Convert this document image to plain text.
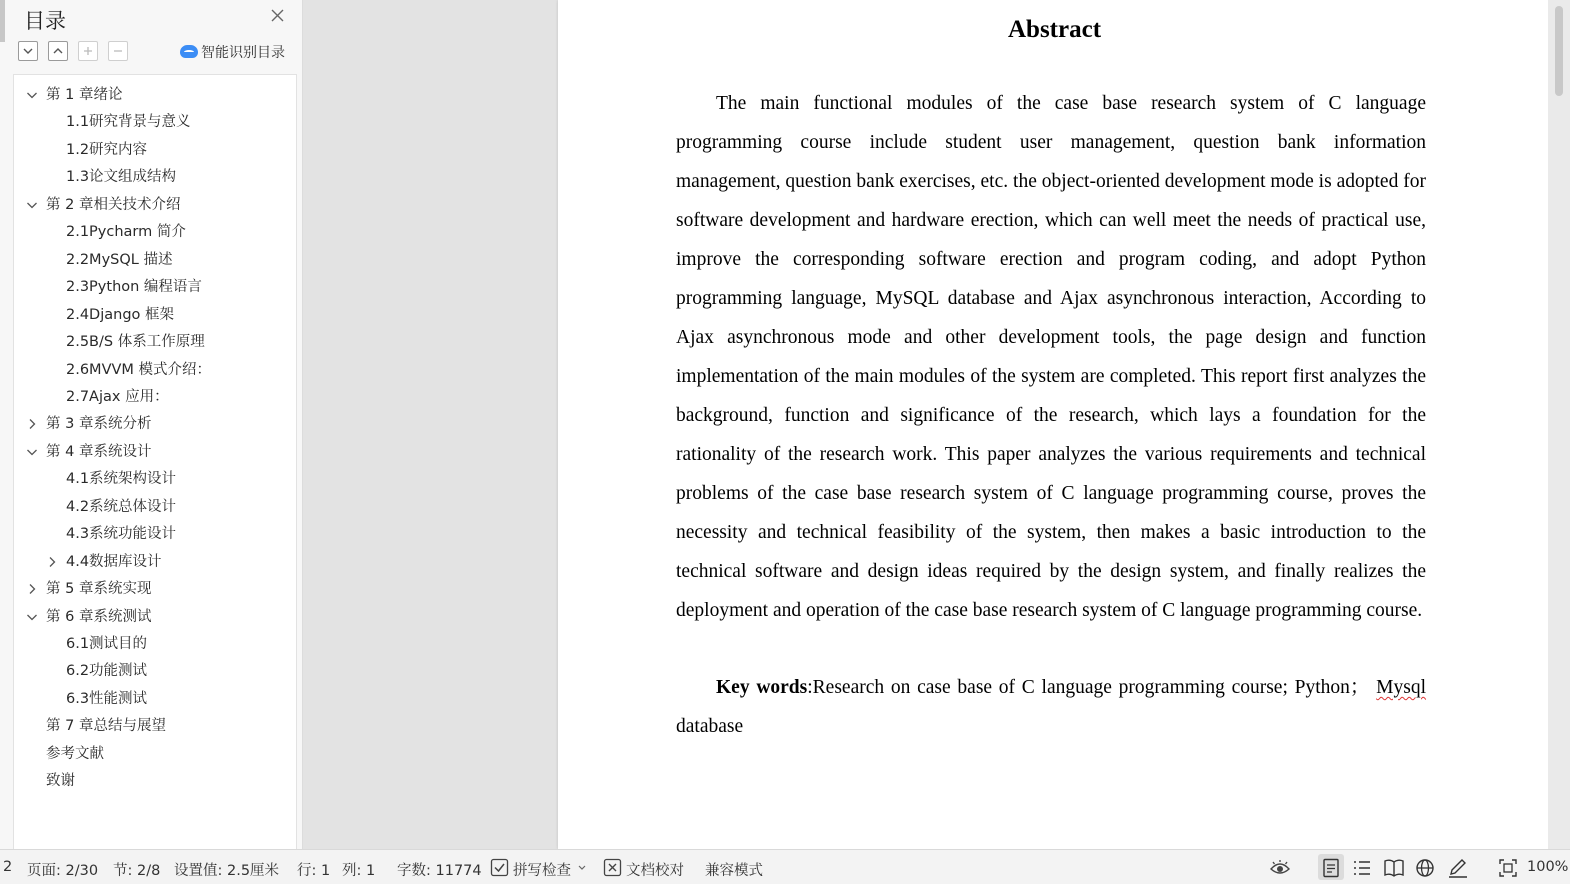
目录
智能识别目录
第 1 章绪论
1.1研究背景与意义
1.2研究内容
1.3论文组成结构
第 2 章相关技术介绍
2.1Pycharm 简介
2.2MySQL 描述
2.3Python 编程语言
2.4Django 框架
2.5B/S 体系工作原理
2.6MVVM 模式介绍：
2.7Ajax 应用：
第 3 章系统分析
第 4 章系统设计
4.1系统架构设计
4.2系统总体设计
4.3系统功能设计
4.4数据库设计
第 5 章系统实现
第 6 章系统测试
6.1测试目的
6.2功能测试
6.3性能测试
第 7 章总结与展望
参考文献
致谢
Abstract
The main functional modules of the case base research system of C language programming course include student user management, question bank information management, question bank exercises, etc. the object-oriented development mode is adopted for software development and hardware erection, which can well meet the needs of practical use, improve the corresponding software erection and program coding, and adopt Python programming language, MySQL database and Ajax asynchronous interaction, According to Ajax asynchronous mode and other development tools, the page design and function implementation of the main modules of the system are completed. This report first analyzes the background, function and significance of the research, which lays a foundation for the rationality of the research work. This paper analyzes the various requirements and technical problems of the case base research system of C language programming course, proves the necessity and technical feasibility of the system, then makes a basic introduction to the technical software and design ideas required by the design system, and finally realizes the deployment and operation of the case base research system of C language programming course.
Key words:Research on case base of C language programming course; Python； Mysql database
2 页面: 2/30 节: 2/8 设置值: 2.5厘米 行: 1 列: 1 字数: 11774 拼写检查	文档校对 兼容模式	100%
